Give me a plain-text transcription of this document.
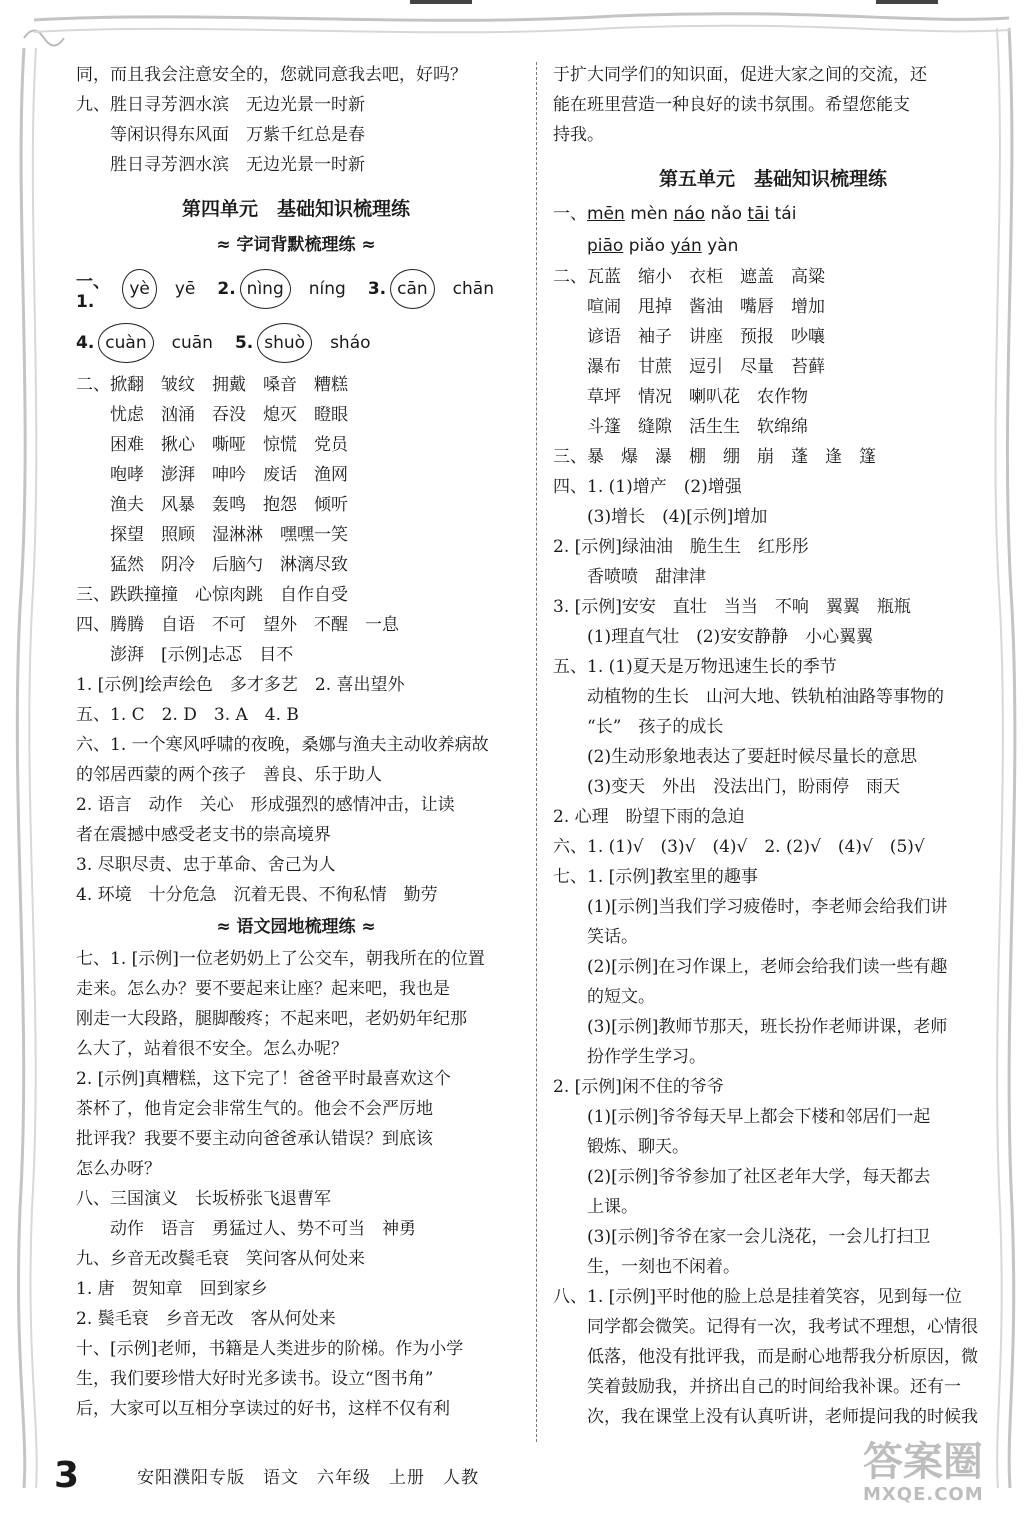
同，而且我会注意安全的，您就同意我去吧，好吗？
九、胜日寻芳泗水滨　无边光景一时新
　　等闲识得东风面　万紫千红总是春
　　胜日寻芳泗水滨　无边光景一时新
第四单元　基础知识梳理练
≈ 字词背默梳理练 ≈
一、1.
yè	yē 2. nìng	níng 3. cān	chān
4. cuàn	cuān 5. shuò	sháo
二、掀翻　皱纹　拥戴　嗓音　糟糕
　　忧虑　汹涌　吞没　熄灭　瞪眼
　　困难　揪心　嘶哑　惊慌　党员
　　咆哮　澎湃　呻吟　废话　渔网
　　渔夫　风暴　轰鸣　抱怨　倾听
　　探望　照顾　湿淋淋　嘿嘿一笑
　　猛然　阴冷　后脑勺　淋漓尽致
三、跌跌撞撞　心惊肉跳　自作自受
四、腾腾　自语　不可　望外　不醒　一息
　　澎湃　[示例]忐忑　目不
1. [示例]绘声绘色　多才多艺　2. 喜出望外
五、1. C　2. D　3. A　4. B
六、1. 一个寒风呼啸的夜晚，桑娜与渔夫主动收养病故
的邻居西蒙的两个孩子　善良、乐于助人
2. 语言　动作　关心　形成强烈的感情冲击，让读
者在震撼中感受老支书的崇高境界
3. 尽职尽责、忠于革命、舍己为人
4. 环境　十分危急　沉着无畏、不徇私情　勤劳
≈ 语文园地梳理练 ≈
七、1. [示例]一位老奶奶上了公交车，朝我所在的位置
走来。怎么办？要不要起来让座？起来吧，我也是
刚走一大段路，腿脚酸疼；不起来吧，老奶奶年纪那
么大了，站着很不安全。怎么办呢？
2. [示例]真糟糕，这下完了！爸爸平时最喜欢这个
茶杯了，他肯定会非常生气的。他会不会严厉地
批评我？我要不要主动向爸爸承认错误？到底该
怎么办呀？
八、三国演义　长坂桥张飞退曹军
　　动作　语言　勇猛过人、势不可当　神勇
九、乡音无改鬓毛衰　笑问客从何处来
1. 唐　贺知章　回到家乡
2. 鬓毛衰　乡音无改　客从何处来
十、[示例]老师，书籍是人类进步的阶梯。作为小学
生，我们要珍惜大好时光多读书。设立“图书角”
后，大家可以互相分享读过的好书，这样不仅有利
于扩大同学们的知识面，促进大家之间的交流，还
能在班里营造一种良好的读书氛围。希望您能支
持我。
第五单元　基础知识梳理练
一、mēn mèn náo nǎo tāi tái
　　piāo piǎo yán yàn
二、瓦蓝　缩小　衣柜　遮盖　高粱
　　喧闹　甩掉　酱油　嘴唇　增加
　　谚语　袖子　讲座　预报　吵嚷
　　瀑布　甘蔗　逗引　尽量　苔藓
　　草坪　情况　喇叭花　农作物
　　斗篷　缝隙　活生生　软绵绵
三、暴　爆　瀑　棚　绷　崩　蓬　逢　篷
四、1. (1)增产　(2)增强
　　(3)增长　(4)[示例]增加
2. [示例]绿油油　脆生生　红彤彤
　　香喷喷　甜津津
3. [示例]安安　直壮　当当　不响　翼翼　瓶瓶
　　(1)理直气壮　(2)安安静静　小心翼翼
五、1. (1)夏天是万物迅速生长的季节
　　动植物的生长　山河大地、铁轨柏油路等事物的
　　“长”　孩子的成长
　　(2)生动形象地表达了要赶时候尽量长的意思
　　(3)变天　外出　没法出门，盼雨停　雨天
2. 心理　盼望下雨的急迫
六、1. (1)√　(3)√　(4)√　2. (2)√　(4)√　(5)√
七、1. [示例]教室里的趣事
　　(1)[示例]当我们学习疲倦时，李老师会给我们讲
　　笑话。
　　(2)[示例]在习作课上，老师会给我们读一些有趣
　　的短文。
　　(3)[示例]教师节那天，班长扮作老师讲课，老师
　　扮作学生学习。
2. [示例]闲不住的爷爷
　　(1)[示例]爷爷每天早上都会下楼和邻居们一起
　　锻炼、聊天。
　　(2)[示例]爷爷参加了社区老年大学，每天都去
　　上课。
　　(3)[示例]爷爷在家一会儿浇花，一会儿打扫卫
　　生，一刻也不闲着。
八、1. [示例]平时他的脸上总是挂着笑容，见到每一位
　　同学都会微笑。记得有一次，我考试不理想，心情很
　　低落，他没有批评我，而是耐心地帮我分析原因，微
　　笑着鼓励我，并挤出自己的时间给我补课。还有一
　　次，我在课堂上没有认真听讲，老师提问我的时候我
3	安阳濮阳专版　语文　六年级　上册　人教	答案圈
MXQE.COM
